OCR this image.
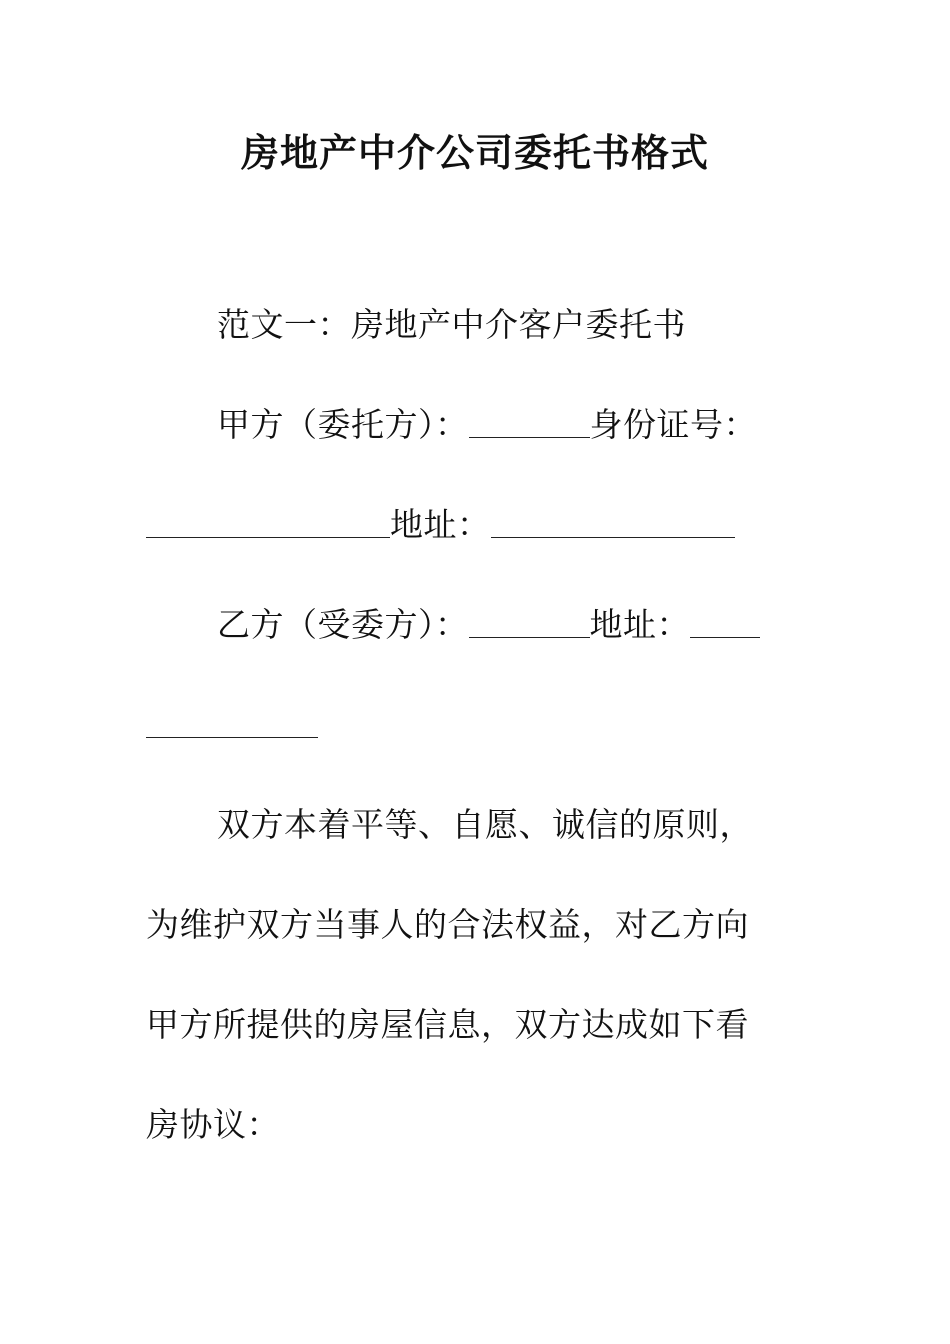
房地产中介公司委托书格式
范文一：房地产中介客户委托书
甲方（委托方）：	身份证号：
地址：
乙方（受委方）：	地址：
双方本着平等、自愿、诚信的原则，
为维护双方当事人的合法权益，对乙方向
甲方所提供的房屋信息，双方达成如下看
房协议：
